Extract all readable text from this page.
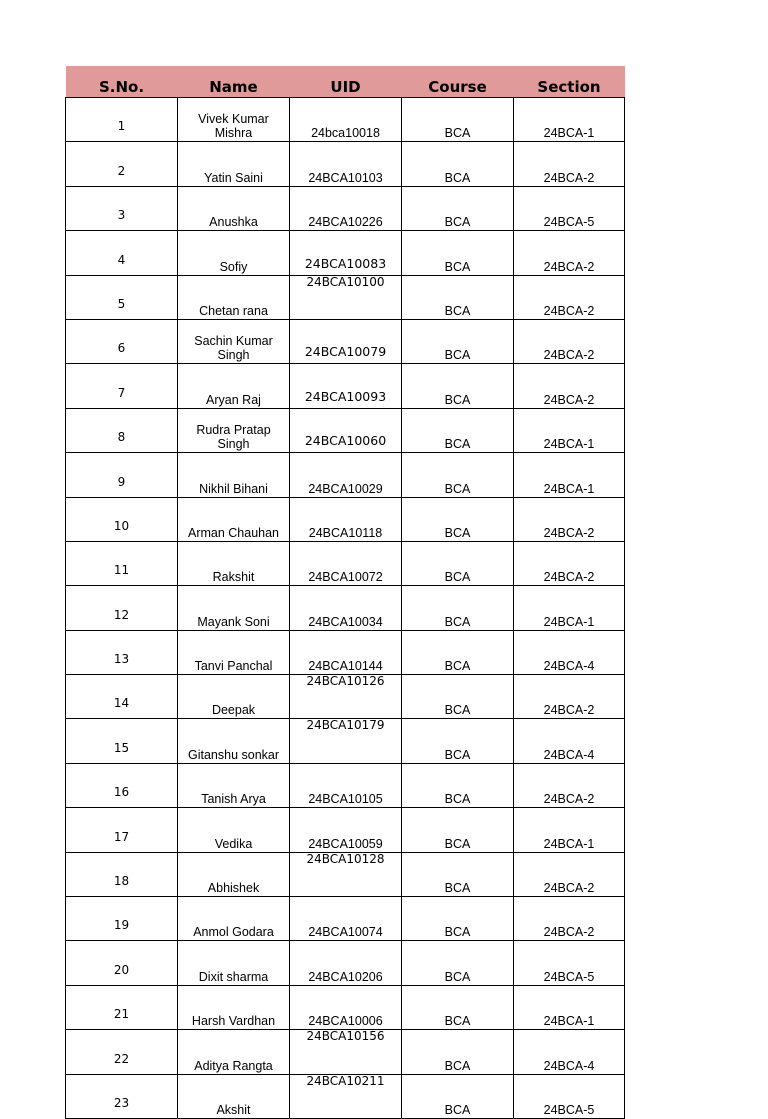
S.No.	Name	UID	Course	Section
1	Vivek Kumar Mishra	24bca10018	BCA	24BCA-1
2	Yatin Saini	24BCA10103	BCA	24BCA-2
3	Anushka	24BCA10226	BCA	24BCA-5
4	Sofiy	24BCA10083	BCA	24BCA-2
5	Chetan rana	24BCA10100	BCA	24BCA-2
6	Sachin Kumar Singh	24BCA10079	BCA	24BCA-2
7	Aryan Raj	24BCA10093	BCA	24BCA-2
8	Rudra Pratap Singh	24BCA10060	BCA	24BCA-1
9	Nikhil Bihani	24BCA10029	BCA	24BCA-1
10	Arman Chauhan	24BCA10118	BCA	24BCA-2
11	Rakshit	24BCA10072	BCA	24BCA-2
12	Mayank Soni	24BCA10034	BCA	24BCA-1
13	Tanvi Panchal	24BCA10144	BCA	24BCA-4
14	Deepak	24BCA10126	BCA	24BCA-2
15	Gitanshu sonkar	24BCA10179	BCA	24BCA-4
16	Tanish Arya	24BCA10105	BCA	24BCA-2
17	Vedika	24BCA10059	BCA	24BCA-1
18	Abhishek	24BCA10128	BCA	24BCA-2
19	Anmol Godara	24BCA10074	BCA	24BCA-2
20	Dixit sharma	24BCA10206	BCA	24BCA-5
21	Harsh Vardhan	24BCA10006	BCA	24BCA-1
22	Aditya Rangta	24BCA10156	BCA	24BCA-4
23	Akshit	24BCA10211	BCA	24BCA-5
